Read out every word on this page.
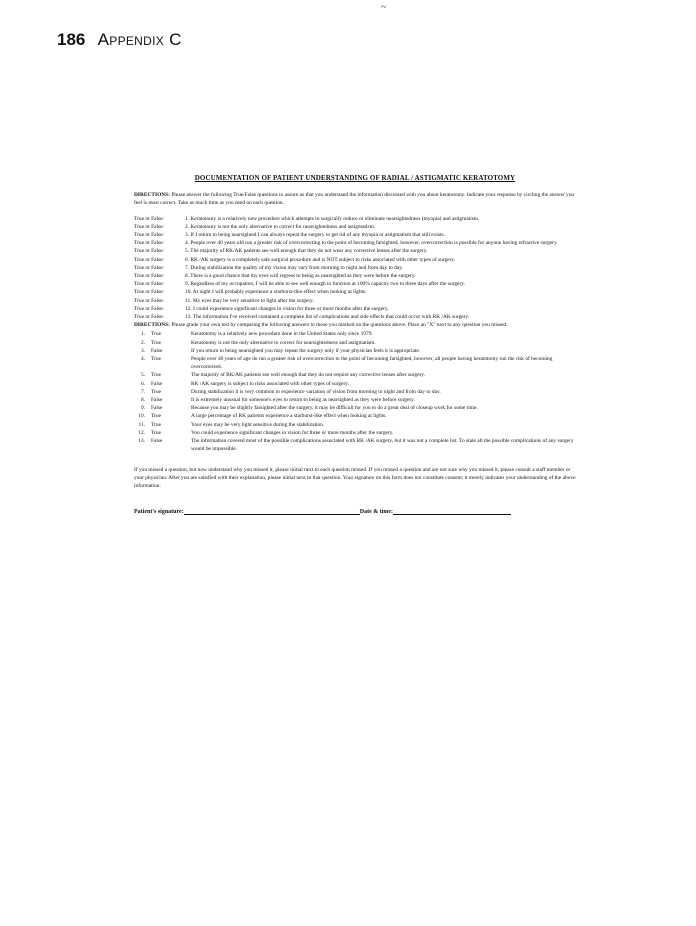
~
186 Appendix C
DOCUMENTATION OF PATIENT UNDERSTANDING OF RADIAL / ASTIGMATIC KERATOTOMY
DIRECTIONS: Please answer the following True/False questions to assure us that you understand the information discussed with you about keratotomy. Indicate your response by circling the answer you feel is most correct. Take as much time as you need on each question.
True or False:	1. Keratotomy is a relatively new procedure which attempts to surgically reduce or eliminate nearsightedness (myopia) and astigmatism.
True or False:	2. Keratotomy is not the only alternative to correct for nearsightedness and astigmatism.
True or False:	3. If I return to being nearsighted I can always repeat the surgery to get rid of any myopia or astigmatism that still exists.
True or False:	4. People over 40 years old run a greater risk of overcorrecting to the point of becoming farsighted, however, overcorrection is possible for anyone having refractive surgery.
True or False:	5. The majority of RK/AK patients see well enough that they do not wear any corrective lenses after the surgery.
True or False:	6. RK /AK surgery is a completely safe surgical procedure and is NOT subject to risks associated with other types of surgery.
True or False:	7. During stabilization the quality of my vision may vary from morning to night and from day to day.
True or False:	8. There is a good chance that my eyes will regress to being as nearsighted as they were before the surgery.
True or False:	9. Regardless of my occupation, I will be able to see well enough to function at 100% capacity two to three days after the surgery.
True or False:	10. At night I will probably experience a starburst-like effect when looking at lights.
True or False:	11. My eyes may be very sensitive to light after the surgery.
True or False:	12. I could experience significant changes in vision for three or more months after the surgery.
True or False:	13. The information I've received contained a complete list of complications and side effects that could occur with RK /AK surgery.
DIRECTIONS: Please grade your own test by comparing the following answers to those you marked on the questions above. Place an "X" next to any question you missed.
1.	True	Keratotomy is a relatively new procedure done in the United States only since 1979.
2.	True	Keratotomy is not the only alternative to correct for nearsightedness and astigmatism.
3.	False	If you return to being nearsighted you may repeat the surgery only if your physician feels it is appropriate.
4.	True	People over 40 years of age do run a greater risk of overcorrection to the point of becoming farsighted, however, all people having keratotomy run the risk of becoming overcorrected.
5.	True	The majority of RK/AK patients see well enough that they do not require any corrective lenses after surgery.
6.	False	RK /AK surgery is subject to risks associated with other types of surgery.
7.	True	During stabilization it is very common to experience variation of vision from morning to night and from day to day.
8.	False	It is extremely unusual for someone's eyes to return to being as nearsighted as they were before surgery.
9.	False	Because you may be slightly farsighted after the surgery, it may be difficult for you to do a great deal of closeup work for some time.
10.	True	A large percentage of RK patients experience a starburst-like effect when looking at lights.
11.	True	Your eyes may be very light sensitive during the stabilization.
12.	True	You could experience significant changes in vision for three or more months after the surgery.
13.	False	The information covered most of the possible complications associated with RK /AK surgery, but it was not a complete list. To state all the possible complications of any surgery would be impossible.
If you missed a question, but now understand why you missed it, please initial next to each question missed. If you missed a question and are not sure why you missed it, please consult a staff member or your physician. After you are satisfied with their explanation, please initial next to that question. Your signature on this form does not constitute consent; it merely indicates your understanding of the above information.
Patient's signature:	Date & time:
